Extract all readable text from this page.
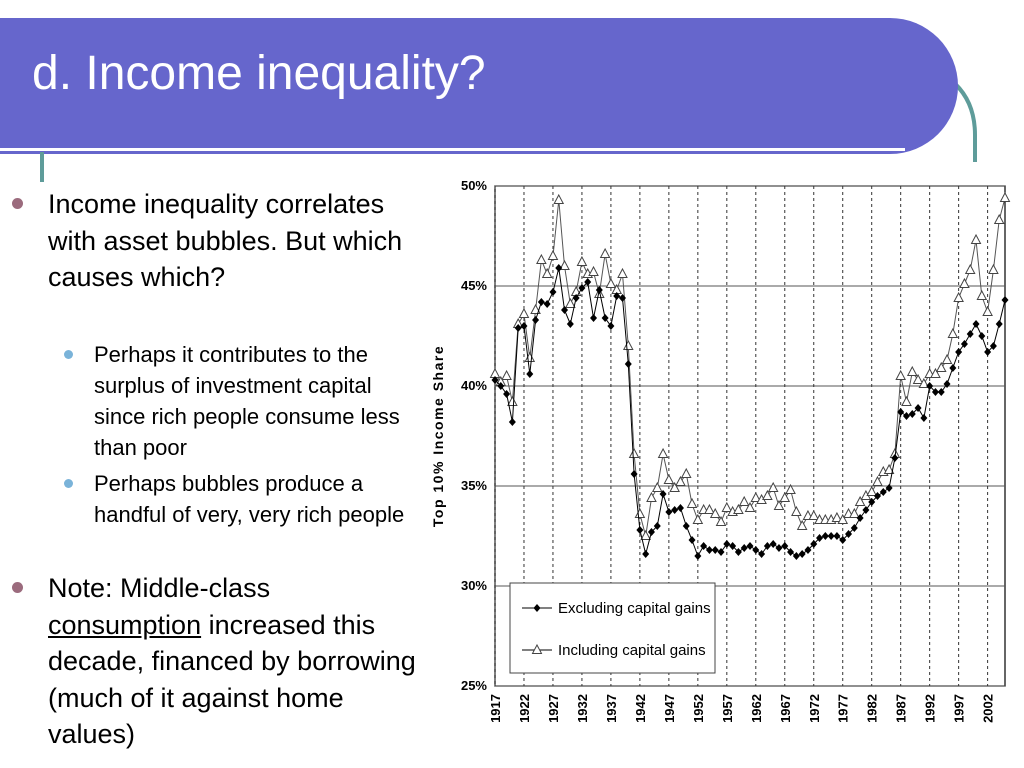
d. Income inequality?
Income inequality correlates with asset bubbles. But which causes which?
Perhaps it contributes to the surplus of investment capital since rich people consume less than poor
Perhaps bubbles produce a handful of very, very rich people
Note: Middle-class consumption increased this decade, financed by borrowing (much of it against home values)
50%
45%
40%
35%
30%
25%
1917 1922 1927 1932 1937 1942 1947 1952 1957 1962 1967 1972 1977 1982 1987 1992 1997 2002
Top 10% Income Share
Excluding capital gains
Including capital gains
